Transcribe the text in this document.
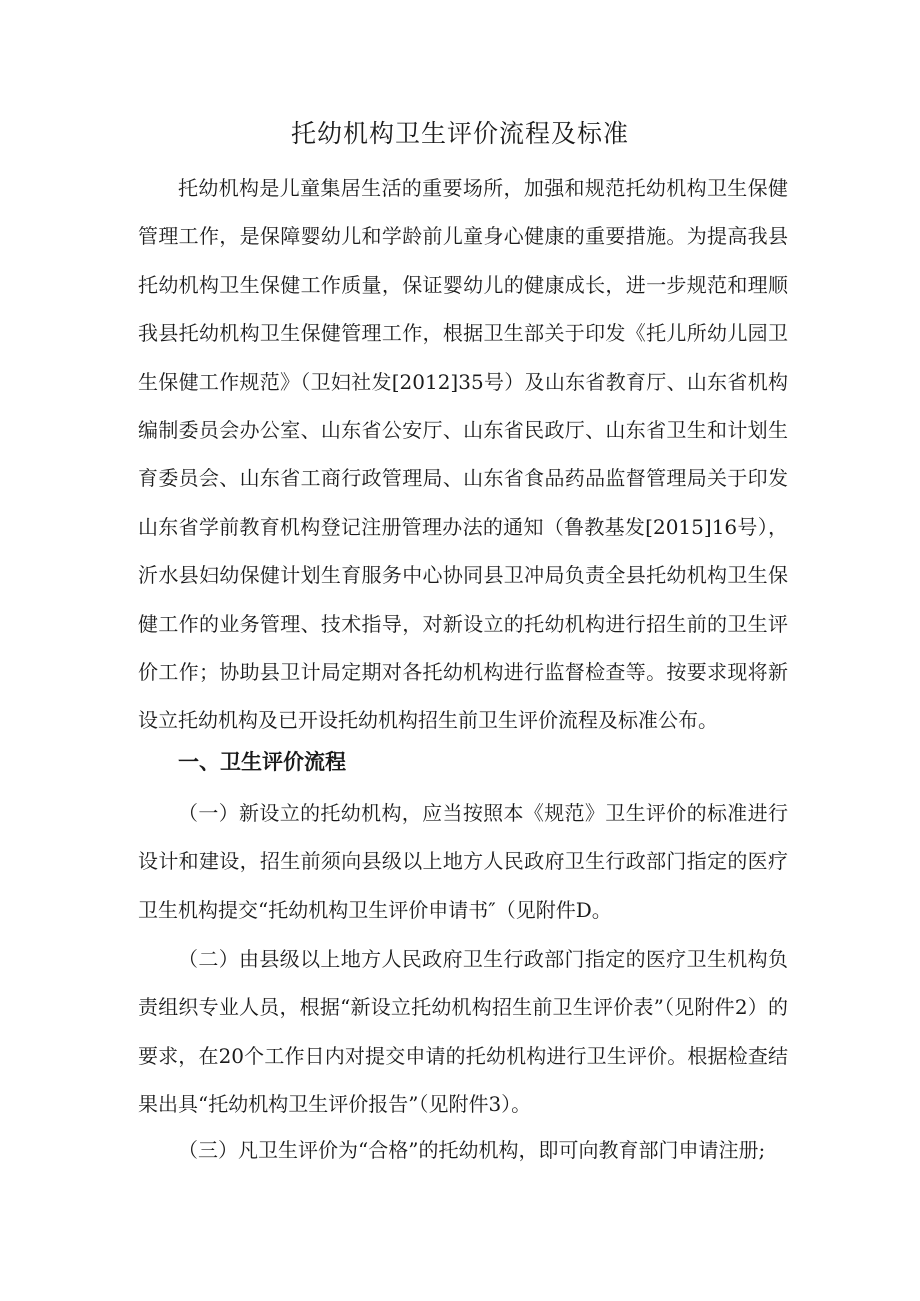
托幼机构卫生评价流程及标准

托幼机构是儿童集居生活的重要场所，加强和规范托幼机构卫生保健管理工作，是保障婴幼儿和学龄前儿童身心健康的重要措施。为提高我县托幼机构卫生保健工作质量，保证婴幼儿的健康成长，进一步规范和理顺我县托幼机构卫生保健管理工作，根据卫生部关于印发《托儿所幼儿园卫生保健工作规范》（卫妇社发[2012]35号）及山东省教育厅、山东省机构编制委员会办公室、山东省公安厅、山东省民政厅、山东省卫生和计划生育委员会、山东省工商行政管理局、山东省食品药品监督管理局关于印发山东省学前教育机构登记注册管理办法的通知（鲁教基发[2015]16号），沂水县妇幼保健计划生育服务中心协同县卫冲局负责全县托幼机构卫生保健工作的业务管理、技术指导，对新设立的托幼机构进行招生前的卫生评价工作；协助县卫计局定期对各托幼机构进行监督检查等。按要求现将新设立托幼机构及已开设托幼机构招生前卫生评价流程及标准公布。

一、卫生评价流程

（一）新设立的托幼机构，应当按照本《规范》卫生评价的标准进行设计和建设，招生前须向县级以上地方人民政府卫生行政部门指定的医疗卫生机构提交“托幼机构卫生评价申请书″（见附件D。

（二）由县级以上地方人民政府卫生行政部门指定的医疗卫生机构负责组织专业人员，根据“新设立托幼机构招生前卫生评价表”（见附件2）的要求，在20个工作日内对提交申请的托幼机构进行卫生评价。根据检查结果出具“托幼机构卫生评价报告”（见附件3）。

（三）凡卫生评价为“合格”的托幼机构，即可向教育部门申请注册;
